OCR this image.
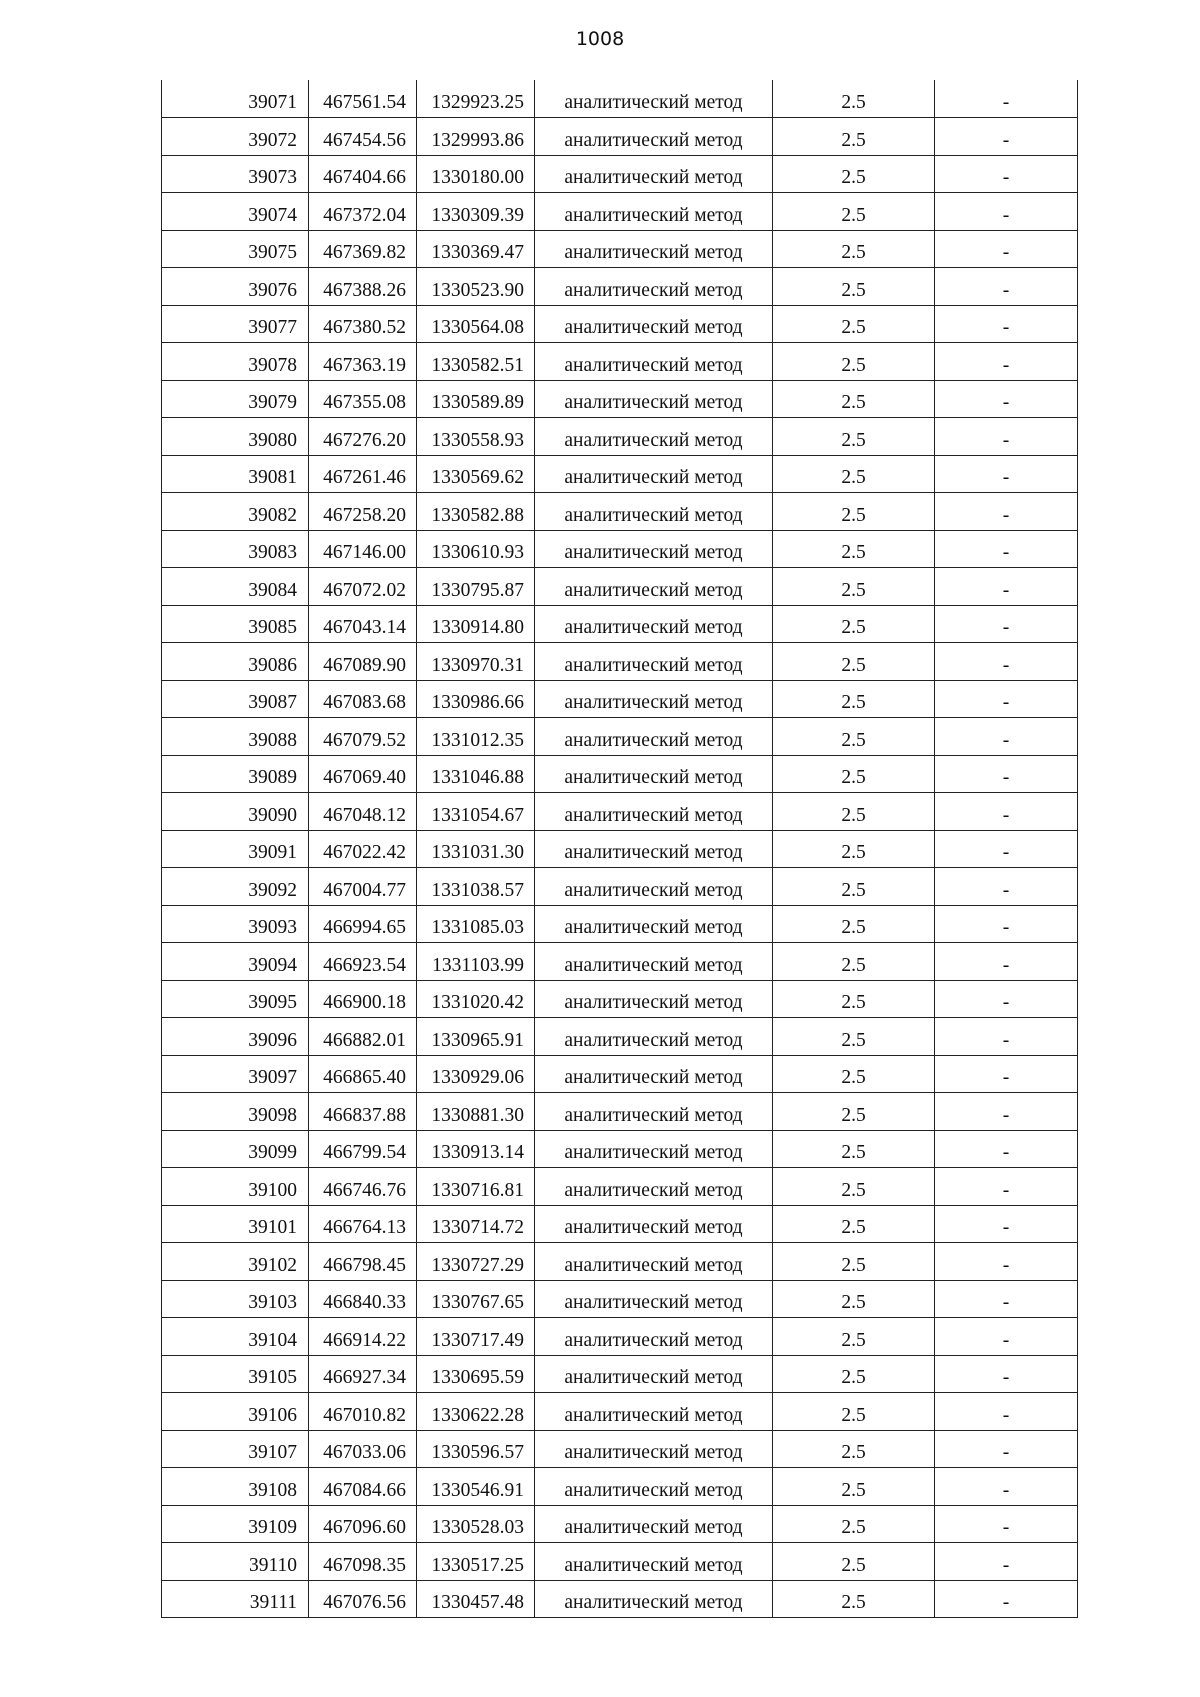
1008
39071	467561.54	1329923.25	аналитический метод	2.5	-
39072	467454.56	1329993.86	аналитический метод	2.5	-
39073	467404.66	1330180.00	аналитический метод	2.5	-
39074	467372.04	1330309.39	аналитический метод	2.5	-
39075	467369.82	1330369.47	аналитический метод	2.5	-
39076	467388.26	1330523.90	аналитический метод	2.5	-
39077	467380.52	1330564.08	аналитический метод	2.5	-
39078	467363.19	1330582.51	аналитический метод	2.5	-
39079	467355.08	1330589.89	аналитический метод	2.5	-
39080	467276.20	1330558.93	аналитический метод	2.5	-
39081	467261.46	1330569.62	аналитический метод	2.5	-
39082	467258.20	1330582.88	аналитический метод	2.5	-
39083	467146.00	1330610.93	аналитический метод	2.5	-
39084	467072.02	1330795.87	аналитический метод	2.5	-
39085	467043.14	1330914.80	аналитический метод	2.5	-
39086	467089.90	1330970.31	аналитический метод	2.5	-
39087	467083.68	1330986.66	аналитический метод	2.5	-
39088	467079.52	1331012.35	аналитический метод	2.5	-
39089	467069.40	1331046.88	аналитический метод	2.5	-
39090	467048.12	1331054.67	аналитический метод	2.5	-
39091	467022.42	1331031.30	аналитический метод	2.5	-
39092	467004.77	1331038.57	аналитический метод	2.5	-
39093	466994.65	1331085.03	аналитический метод	2.5	-
39094	466923.54	1331103.99	аналитический метод	2.5	-
39095	466900.18	1331020.42	аналитический метод	2.5	-
39096	466882.01	1330965.91	аналитический метод	2.5	-
39097	466865.40	1330929.06	аналитический метод	2.5	-
39098	466837.88	1330881.30	аналитический метод	2.5	-
39099	466799.54	1330913.14	аналитический метод	2.5	-
39100	466746.76	1330716.81	аналитический метод	2.5	-
39101	466764.13	1330714.72	аналитический метод	2.5	-
39102	466798.45	1330727.29	аналитический метод	2.5	-
39103	466840.33	1330767.65	аналитический метод	2.5	-
39104	466914.22	1330717.49	аналитический метод	2.5	-
39105	466927.34	1330695.59	аналитический метод	2.5	-
39106	467010.82	1330622.28	аналитический метод	2.5	-
39107	467033.06	1330596.57	аналитический метод	2.5	-
39108	467084.66	1330546.91	аналитический метод	2.5	-
39109	467096.60	1330528.03	аналитический метод	2.5	-
39110	467098.35	1330517.25	аналитический метод	2.5	-
39111	467076.56	1330457.48	аналитический метод	2.5	-
